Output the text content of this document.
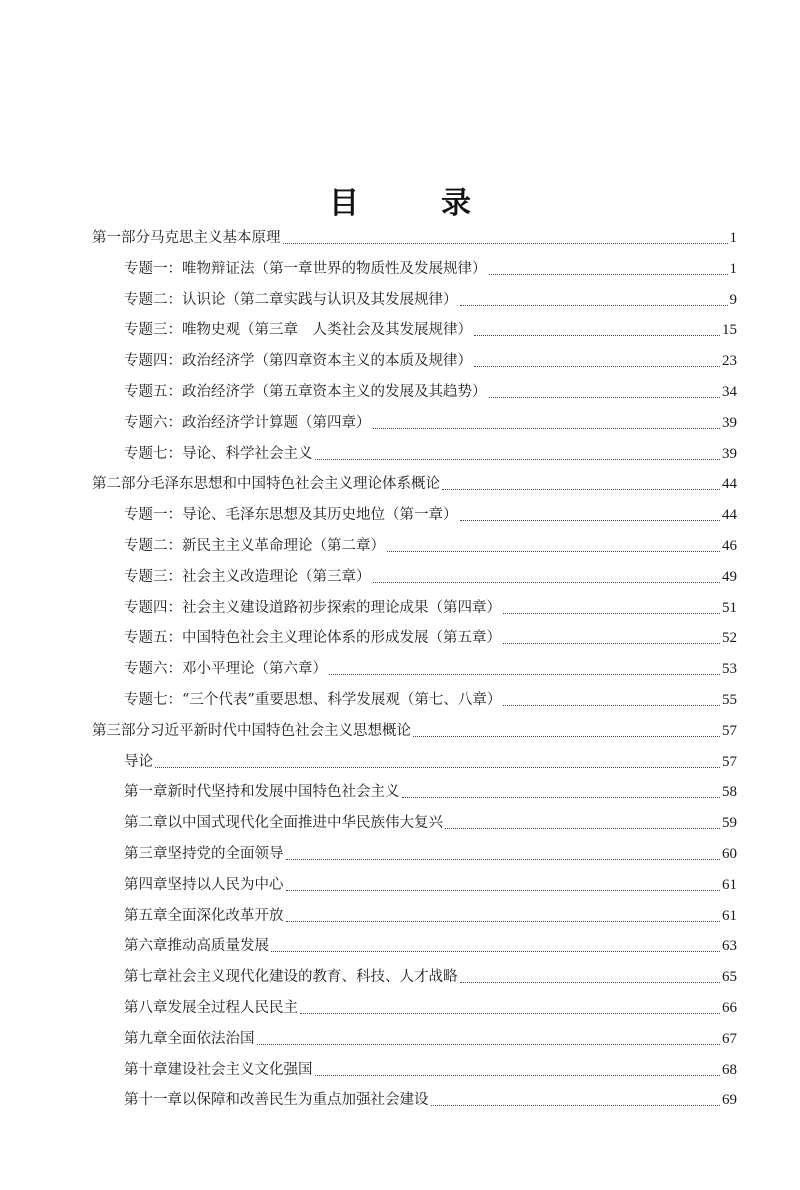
目　录
第一部分马克思主义基本原理	1
专题一：唯物辩证法（第一章世界的物质性及发展规律）	1
专题二：认识论（第二章实践与认识及其发展规律）	9
专题三：唯物史观（第三章　人类社会及其发展规律）	15
专题四：政治经济学（第四章资本主义的本质及规律）	23
专题五：政治经济学（第五章资本主义的发展及其趋势）	34
专题六：政治经济学计算题（第四章）	39
专题七：导论、科学社会主义	39
第二部分毛泽东思想和中国特色社会主义理论体系概论	44
专题一：导论、毛泽东思想及其历史地位（第一章）	44
专题二：新民主主义革命理论（第二章）	46
专题三：社会主义改造理论（第三章）	49
专题四：社会主义建设道路初步探索的理论成果（第四章）	51
专题五：中国特色社会主义理论体系的形成发展（第五章）	52
专题六：邓小平理论（第六章）	53
专题七：“三个代表”重要思想、科学发展观（第七、八章）	55
第三部分习近平新时代中国特色社会主义思想概论	57
导论	57
第一章新时代坚持和发展中国特色社会主义	58
第二章以中国式现代化全面推进中华民族伟大复兴	59
第三章坚持党的全面领导	60
第四章坚持以人民为中心	61
第五章全面深化改革开放	61
第六章推动高质量发展	63
第七章社会主义现代化建设的教育、科技、人才战略	65
第八章发展全过程人民民主	66
第九章全面依法治国	67
第十章建设社会主义文化强国	68
第十一章以保障和改善民生为重点加强社会建设	69
